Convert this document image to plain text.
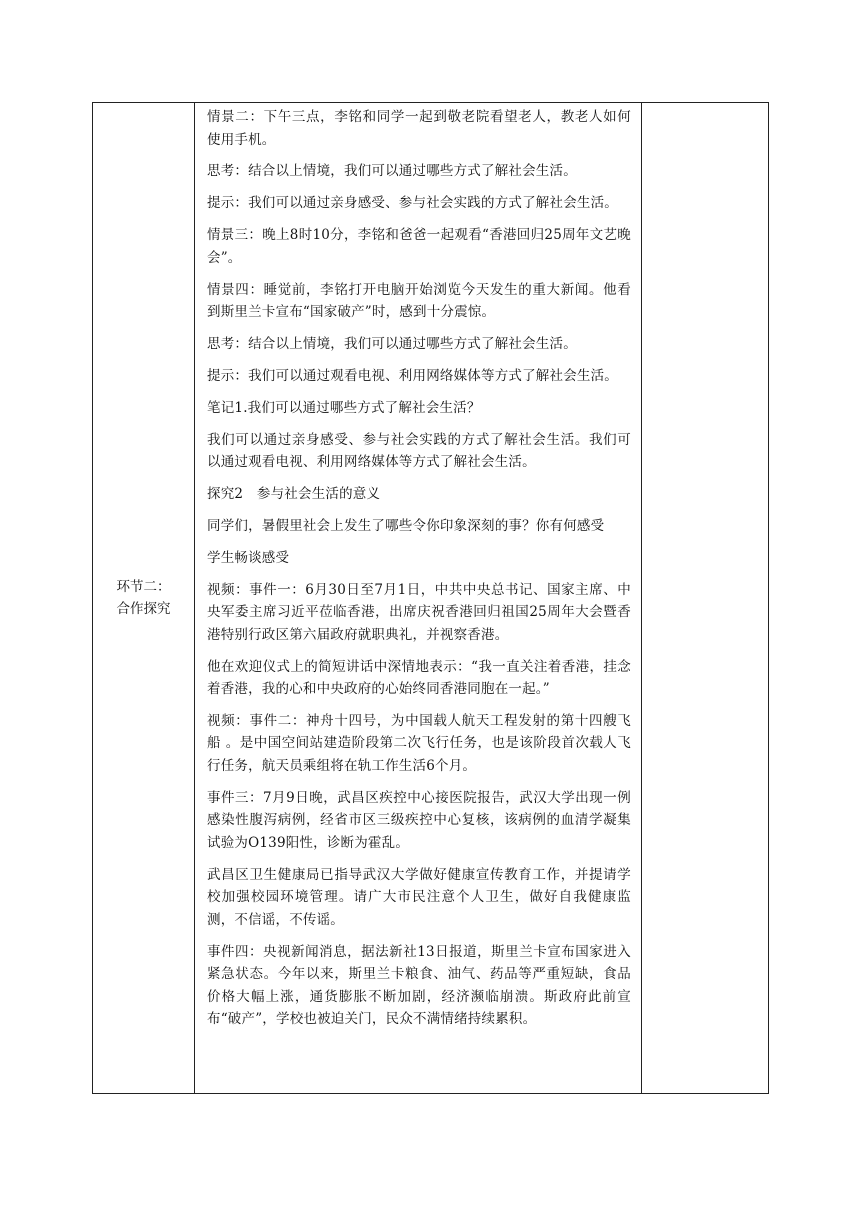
环节二：
合作探究

情景二：下午三点，李铭和同学一起到敬老院看望老人，教老人如何使用手机。

思考：结合以上情境，我们可以通过哪些方式了解社会生活。

提示：我们可以通过亲身感受、参与社会实践的方式了解社会生活。

情景三：晚上8时10分，李铭和爸爸一起观看“香港回归25周年文艺晚会”。

情景四：睡觉前，李铭打开电脑开始浏览今天发生的重大新闻。他看到斯里兰卡宣布“国家破产”时，感到十分震惊。

思考：结合以上情境，我们可以通过哪些方式了解社会生活。

提示：我们可以通过观看电视、利用网络媒体等方式了解社会生活。

笔记1.我们可以通过哪些方式了解社会生活？

我们可以通过亲身感受、参与社会实践的方式了解社会生活。我们可以通过观看电视、利用网络媒体等方式了解社会生活。

探究2　参与社会生活的意义

同学们，暑假里社会上发生了哪些令你印象深刻的事？你有何感受

学生畅谈感受

视频：事件一：6月30日至7月1日，中共中央总书记、国家主席、中央军委主席习近平莅临香港，出席庆祝香港回归祖国25周年大会暨香港特别行政区第六届政府就职典礼，并视察香港。

他在欢迎仪式上的简短讲话中深情地表示：“我一直关注着香港，挂念着香港，我的心和中央政府的心始终同香港同胞在一起。”

视频：事件二：神舟十四号，为中国载人航天工程发射的第十四艘飞船 。是中国空间站建造阶段第二次飞行任务，也是该阶段首次载人飞行任务，航天员乘组将在轨工作生活6个月。

事件三：7月9日晚，武昌区疾控中心接医院报告，武汉大学出现一例感染性腹泻病例，经省市区三级疾控中心复核，该病例的血清学凝集试验为O139阳性，诊断为霍乱。

武昌区卫生健康局已指导武汉大学做好健康宣传教育工作，并提请学校加强校园环境管理。请广大市民注意个人卫生，做好自我健康监测，不信谣，不传谣。

事件四：央视新闻消息，据法新社13日报道，斯里兰卡宣布国家进入紧急状态。今年以来，斯里兰卡粮食、油气、药品等严重短缺，食品价格大幅上涨，通货膨胀不断加剧，经济濒临崩溃。斯政府此前宣布“破产”，学校也被迫关门，民众不满情绪持续累积。
